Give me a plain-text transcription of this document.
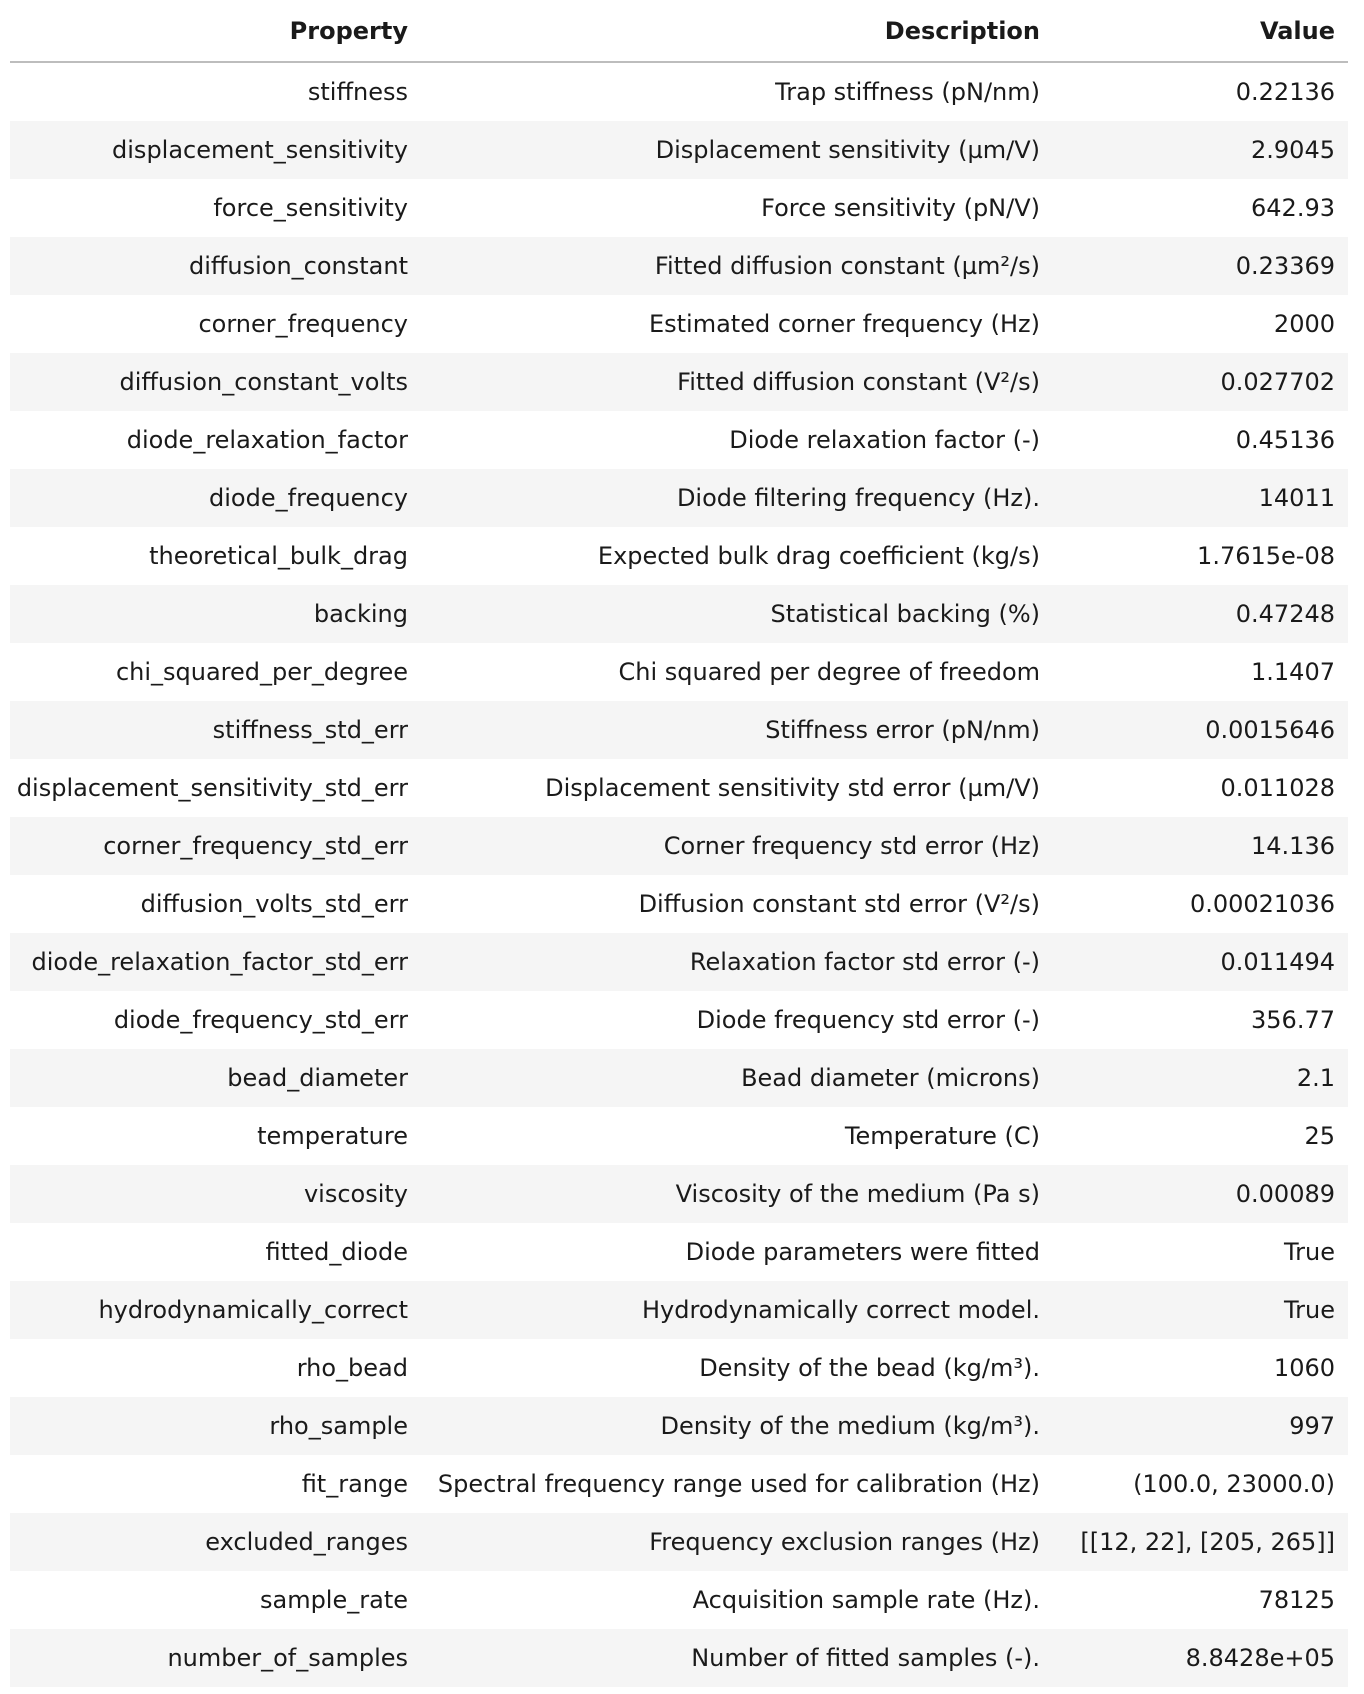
Property	Description	Value
stiffness	Trap stiffness (pN/nm)	0.22136
displacement_sensitivity	Displacement sensitivity (µm/V)	2.9045
force_sensitivity	Force sensitivity (pN/V)	642.93
diffusion_constant	Fitted diffusion constant (µm²/s)	0.23369
corner_frequency	Estimated corner frequency (Hz)	2000
diffusion_constant_volts	Fitted diffusion constant (V²/s)	0.027702
diode_relaxation_factor	Diode relaxation factor (-)	0.45136
diode_frequency	Diode filtering frequency (Hz).	14011
theoretical_bulk_drag	Expected bulk drag coefficient (kg/s)	1.7615e-08
backing	Statistical backing (%)	0.47248
chi_squared_per_degree	Chi squared per degree of freedom	1.1407
stiffness_std_err	Stiffness error (pN/nm)	0.0015646
displacement_sensitivity_std_err	Displacement sensitivity std error (µm/V)	0.011028
corner_frequency_std_err	Corner frequency std error (Hz)	14.136
diffusion_volts_std_err	Diffusion constant std error (V²/s)	0.00021036
diode_relaxation_factor_std_err	Relaxation factor std error (-)	0.011494
diode_frequency_std_err	Diode frequency std error (-)	356.77
bead_diameter	Bead diameter (microns)	2.1
temperature	Temperature (C)	25
viscosity	Viscosity of the medium (Pa s)	0.00089
fitted_diode	Diode parameters were fitted	True
hydrodynamically_correct	Hydrodynamically correct model.	True
rho_bead	Density of the bead (kg/m³).	1060
rho_sample	Density of the medium (kg/m³).	997
fit_range	Spectral frequency range used for calibration (Hz)	(100.0, 23000.0)
excluded_ranges	Frequency exclusion ranges (Hz)	[[12, 22], [205, 265]]
sample_rate	Acquisition sample rate (Hz).	78125
number_of_samples	Number of fitted samples (-).	8.8428e+05
